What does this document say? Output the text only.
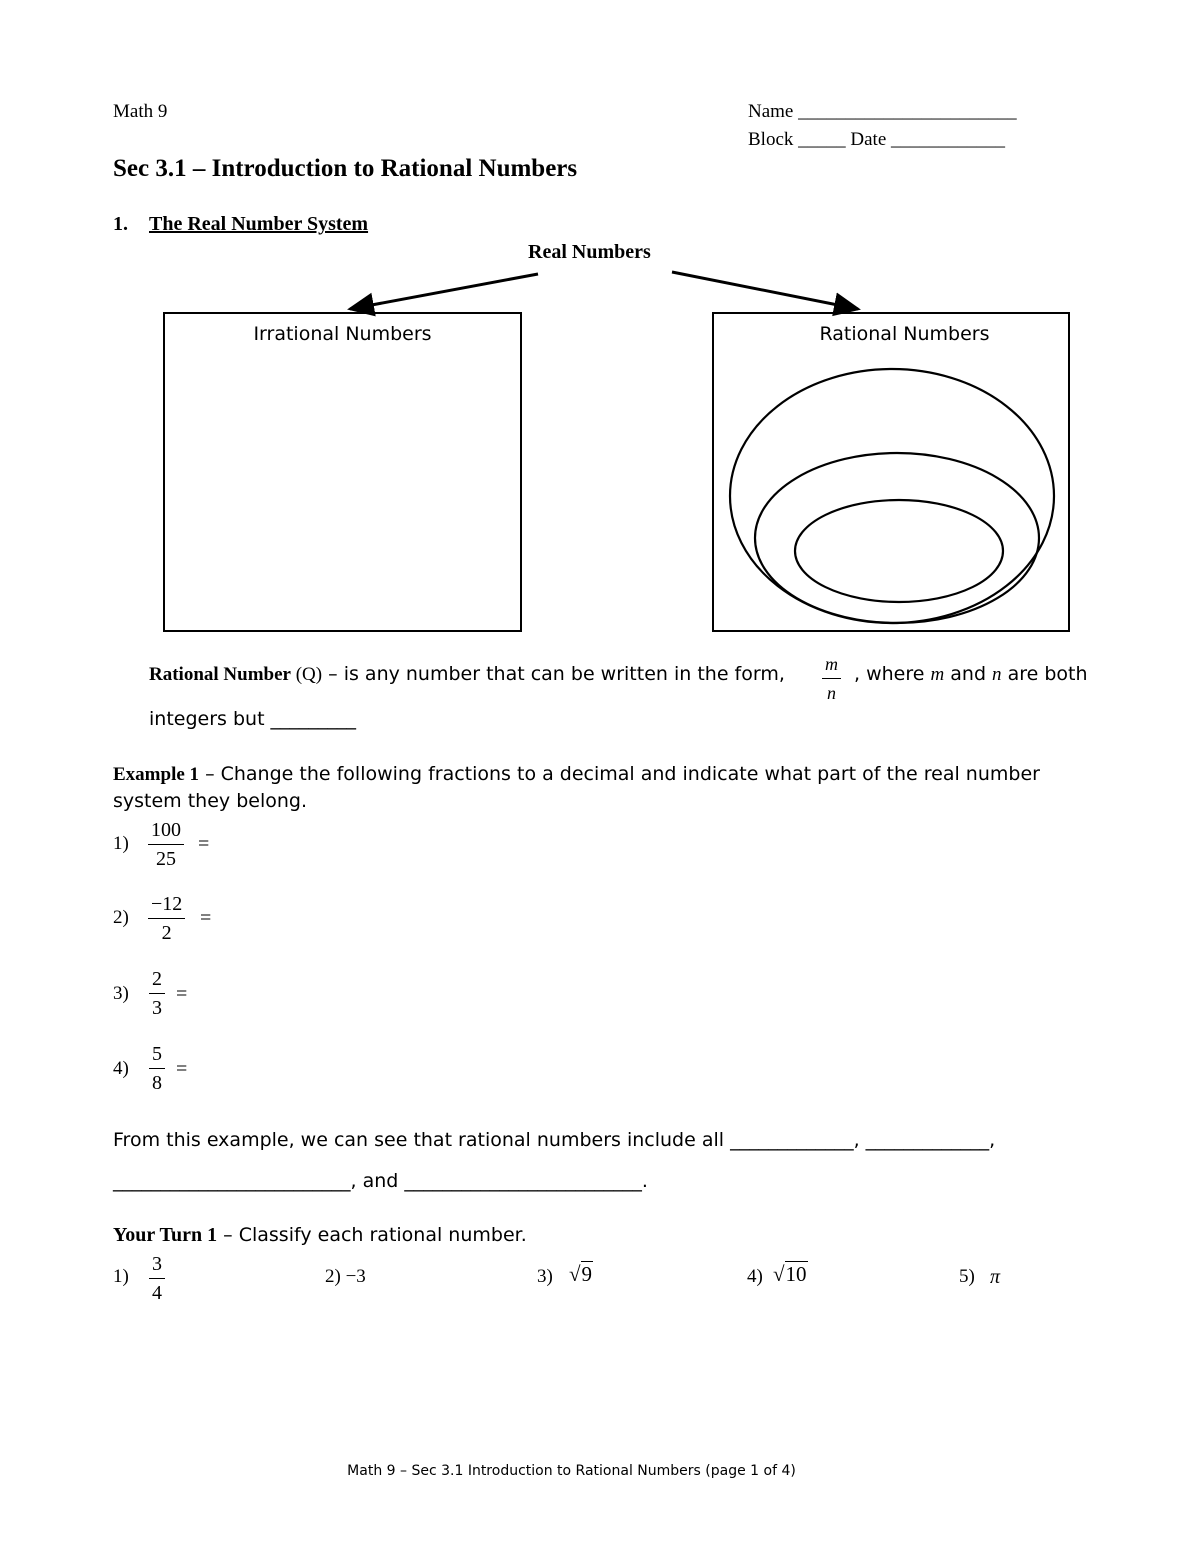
Math 9	Name _______________________
Block _____ Date ____________
Sec 3.1 – Introduction to Rational Numbers
1. The Real Number System
Real Numbers
Irrational Numbers	Rational Numbers
Rational Number (Q) – is any number that can be written in the form, $\frac{m}{n}$ , where m and n are both
integers but _________
Example 1 – Change the following fractions to a decimal and indicate what part of the real number
system they belong.
$1) \frac{100}{25}$ =
$2) \frac{-12}{2}$ =
$3) \frac{2}{3}$ =
$4) \frac{5}{8}$ =
From this example, we can see that rational numbers include all _____________, _____________,
_________________________, and _________________________.
Your Turn 1 – Classify each rational number.
$1) \frac{3}{4}$	2) −3	3) √9	4) √10	5) π
Math 9 – Sec 3.1 Introduction to Rational Numbers (page 1 of 4)
